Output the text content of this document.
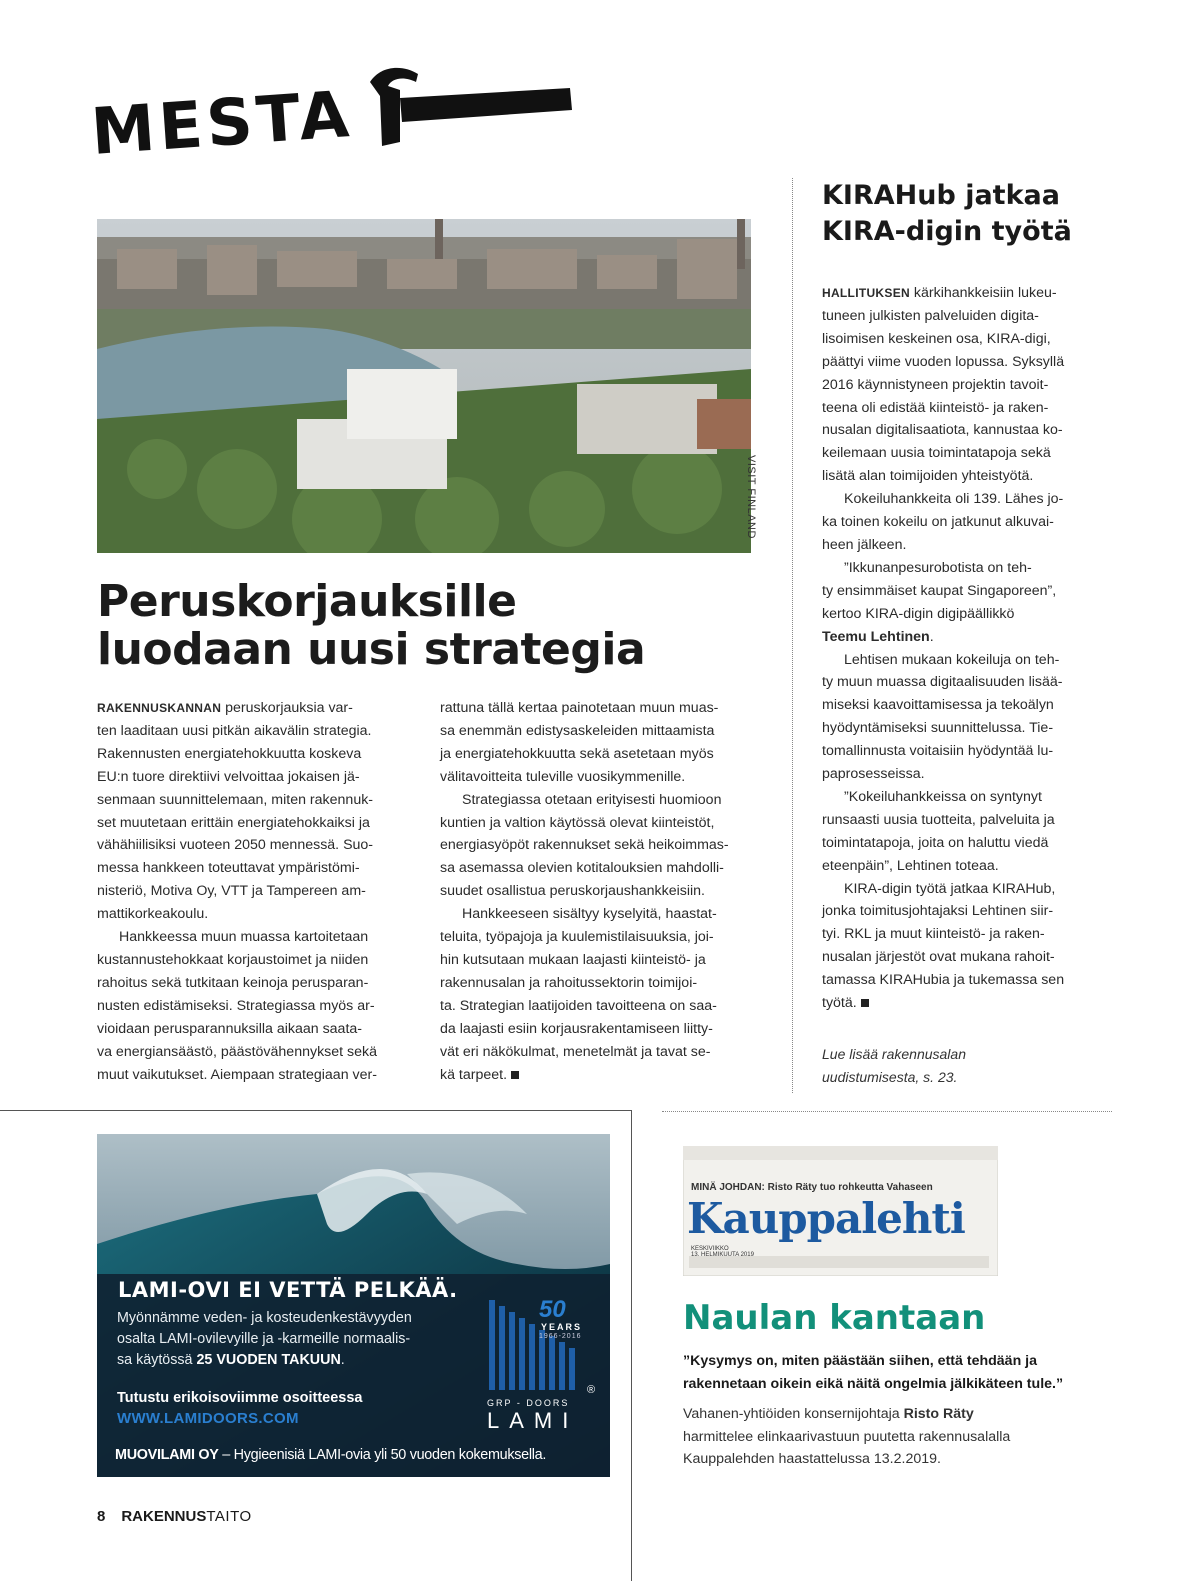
MESTA
VISIT FINLAND
Peruskorjauksille
luodaan uusi strategia

RAKENNUSKANNAN peruskorjauksia var-

ten laaditaan uusi pitkän aikavälin strategia.

Rakennusten energiatehokkuutta koskeva

EU:n tuore direktiivi velvoittaa jokaisen jä-

senmaan suunnittelemaan, miten rakennuk-

set muutetaan erittäin energiatehokkaiksi ja

vähähiilisiksi vuoteen 2050 mennessä. Suo-

messa hankkeen toteuttavat ympäristömi-

nisteriö, Motiva Oy, VTT ja Tampereen am-

mattikorkeakoulu.

Hankkeessa muun muassa kartoitetaan

kustannustehokkaat korjaustoimet ja niiden

rahoitus sekä tutkitaan keinoja perusparan-

nusten edistämiseksi. Strategiassa myös ar-

vioidaan perusparannuksilla aikaan saata-

va energiansäästö, päästövähennykset sekä

muut vaikutukset. Aiempaan strategiaan ver-

rattuna tällä kertaa painotetaan muun muas-

sa enemmän edistysaskeleiden mittaamista

ja energiatehokkuutta sekä asetetaan myös

välitavoitteita tuleville vuosikymmenille.

Strategiassa otetaan erityisesti huomioon

kuntien ja valtion käytössä olevat kiinteistöt,

energiasyöpöt rakennukset sekä heikoimmas-

sa asemassa olevien kotitalouksien mahdolli-

suudet osallistua peruskorjaushankkeisiin.

Hankkeeseen sisältyy kyselyitä, haastat-

teluita, työpajoja ja kuulemistilaisuuksia, joi-

hin kutsutaan mukaan laajasti kiinteistö- ja

rakennusalan ja rahoitussektorin toimijoi-

ta. Strategian laatijoiden tavoitteena on saa-

da laajasti esiin korjausrakentamiseen liitty-

vät eri näkökulmat, menetelmät ja tavat se-

kä tarpeet.

KIRAHub jatkaa
KIRA-digin työtä

HALLITUKSEN kärkihankkeisiin lukeu-

tuneen julkisten palveluiden digita-

lisoimisen keskeinen osa, KIRA-digi,

päättyi viime vuoden lopussa. Syksyllä

2016 käynnistyneen projektin tavoit-

teena oli edistää kiinteistö- ja raken-

nusalan digitalisaatiota, kannustaa ko-

keilemaan uusia toimintatapoja sekä

lisätä alan toimijoiden yhteistyötä.

Kokeiluhankkeita oli 139. Lähes jo-

ka toinen kokeilu on jatkunut alkuvai-

heen jälkeen.

”Ikkunanpesurobotista on teh-

ty ensimmäiset kaupat Singaporeen”,

kertoo KIRA-digin digipäällikkö

Teemu Lehtinen.

Lehtisen mukaan kokeiluja on teh-

ty muun muassa digitaalisuuden lisää-

miseksi kaavoittamisessa ja tekoälyn

hyödyntämiseksi suunnittelussa. Tie-

tomallinnusta voitaisiin hyödyntää lu-

paprosesseissa.

”Kokeiluhankkeissa on syntynyt

runsaasti uusia tuotteita, palveluita ja

toimintatapoja, joita on haluttu viedä

eteenpäin”, Lehtinen toteaa.

KIRA-digin työtä jatkaa KIRAHub,

jonka toimitusjohtajaksi Lehtinen siir-

tyi. RKL ja muut kiinteistö- ja raken-

nusalan järjestöt ovat mukana rahoit-

tamassa KIRAHubia ja tukemassa sen

työtä.

Lue lisää rakennusalan
uudistumisesta, s. 23.
LAMI-OVI EI VETTÄ PELKÄÄ.
Myönnämme veden- ja kosteudenkestävyyden
osalta LAMI-ovilevyille ja -karmeille normaalis-
sa käytössä 25 VUODEN TAKUUN.
Tutustu erikoisoviimme osoitteessa
WWW.LAMIDOORS.COM
MUOVILAMI OY – Hygieenisiä LAMI-ovia yli 50 vuoden kokemuksella.
50
YEARS
1966-2016
®
GRP - DOORS
LAMI
MINÄ JOHDAN: Risto Räty tuo rohkeutta Vahaseen
Kauppalehti
KESKIVIIKKO
13. HELMIKUUTA 2019
Naulan kantaan
”Kysymys on, miten päästään siihen, että tehdään ja
rakennetaan oikein eikä näitä ongelmia jälkikäteen tule.”
Vahanen-yhtiöiden konsernijohtaja Risto Räty
harmittelee elinkaarivastuun puutetta rakennusalalla
Kauppalehden haastattelussa 13.2.2019.
8 RAKENNUSTAITO
